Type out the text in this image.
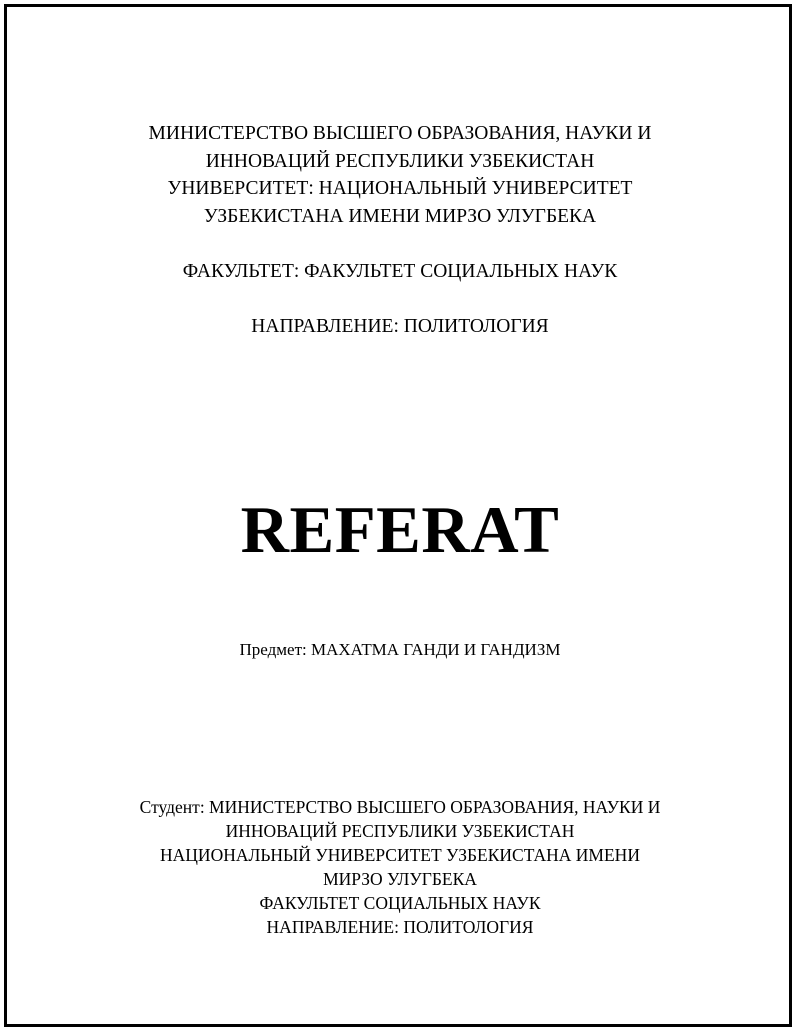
МИНИСТЕРСТВО ВЫСШЕГО ОБРАЗОВАНИЯ, НАУКИ И
ИННОВАЦИЙ РЕСПУБЛИКИ УЗБЕКИСТАН
УНИВЕРСИТЕТ: НАЦИОНАЛЬНЫЙ УНИВЕРСИТЕТ
УЗБЕКИСТАНА ИМЕНИ МИРЗО УЛУГБЕКА
ФАКУЛЬТЕТ: ФАКУЛЬТЕТ СОЦИАЛЬНЫХ НАУК
НАПРАВЛЕНИЕ: ПОЛИТОЛОГИЯ
REFERAT
Предмет: МАХАТМА ГАНДИ И ГАНДИЗМ
Студент: МИНИСТЕРСТВО ВЫСШЕГО ОБРАЗОВАНИЯ, НАУКИ И
ИННОВАЦИЙ РЕСПУБЛИКИ УЗБЕКИСТАН
НАЦИОНАЛЬНЫЙ УНИВЕРСИТЕТ УЗБЕКИСТАНА ИМЕНИ
МИРЗО УЛУГБЕКА
ФАКУЛЬТЕТ СОЦИАЛЬНЫХ НАУК
НАПРАВЛЕНИЕ: ПОЛИТОЛОГИЯ
